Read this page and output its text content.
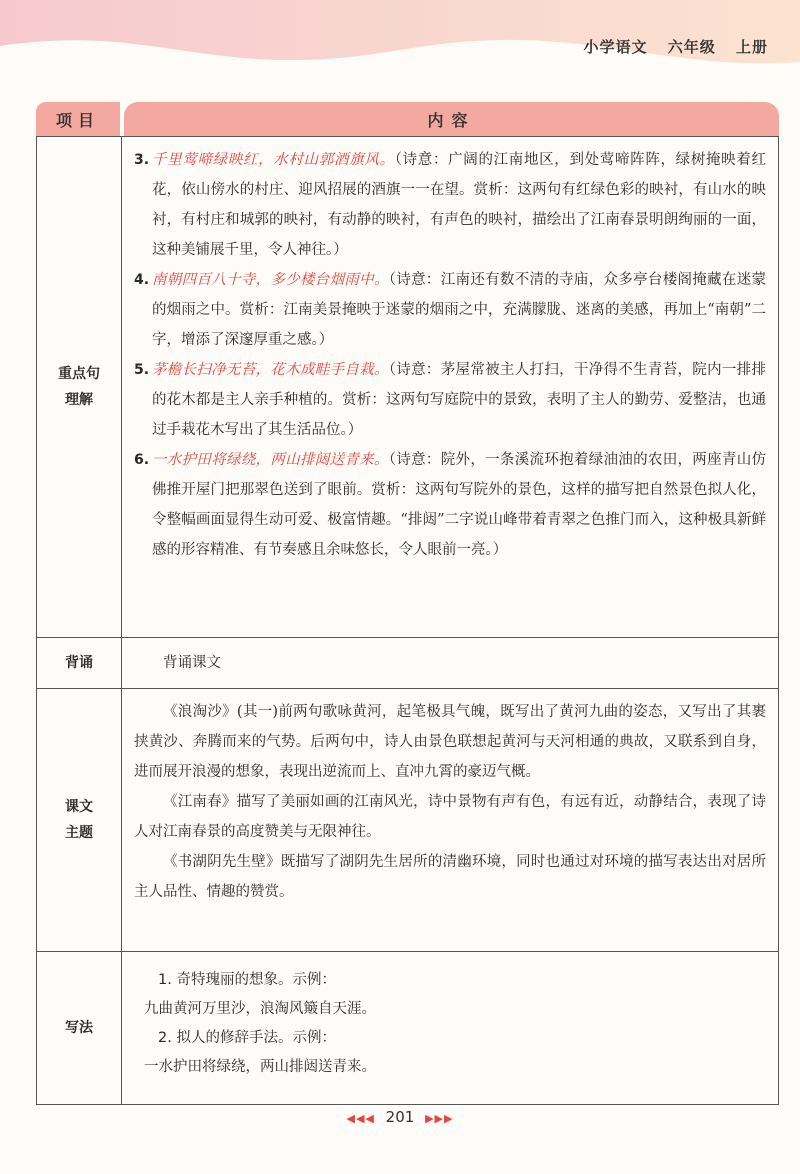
小学语文 六年级 上册
项目	内容
重点句
理解
3. 千里莺啼绿映红，水村山郭酒旗风。（诗意：广阔的江南地区，到处莺啼阵阵，绿树掩映着红花，依山傍水的村庄、迎风招展的酒旗一一在望。赏析：这两句有红绿色彩的映衬，有山水的映衬，有村庄和城郭的映衬，有动静的映衬，有声色的映衬，描绘出了江南春景明朗绚丽的一面，这种美铺展千里，令人神往。）
4. 南朝四百八十寺，多少楼台烟雨中。（诗意：江南还有数不清的寺庙，众多亭台楼阁掩藏在迷蒙的烟雨之中。赏析：江南美景掩映于迷蒙的烟雨之中，充满朦胧、迷离的美感，再加上“南朝”二字，增添了深邃厚重之感。）
5. 茅檐长扫净无苔，花木成畦手自栽。（诗意：茅屋常被主人打扫，干净得不生青苔，院内一排排的花木都是主人亲手种植的。赏析：这两句写庭院中的景致，表明了主人的勤劳、爱整洁，也通过手栽花木写出了其生活品位。）
6. 一水护田将绿绕，两山排闼送青来。（诗意：院外，一条溪流环抱着绿油油的农田，两座青山仿佛推开屋门把那翠色送到了眼前。赏析：这两句写院外的景色，这样的描写把自然景色拟人化，令整幅画面显得生动可爱、极富情趣。“排闼”二字说山峰带着青翠之色推门而入，这种极具新鲜感的形容精准、有节奏感且余味悠长，令人眼前一亮。）
背诵	背诵课文
课文
主题
《浪淘沙》(其一)前两句歌咏黄河，起笔极具气魄，既写出了黄河九曲的姿态，又写出了其裹挟黄沙、奔腾而来的气势。后两句中，诗人由景色联想起黄河与天河相通的典故，又联系到自身，进而展开浪漫的想象，表现出逆流而上、直冲九霄的豪迈气概。
《江南春》描写了美丽如画的江南风光，诗中景物有声有色，有远有近，动静结合，表现了诗人对江南春景的高度赞美与无限神往。
《书湖阴先生壁》既描写了湖阴先生居所的清幽环境，同时也通过对环境的描写表达出对居所主人品性、情趣的赞赏。
写法
1. 奇特瑰丽的想象。示例：
九曲黄河万里沙，浪淘风簸自天涯。
2. 拟人的修辞手法。示例：
一水护田将绿绕，两山排闼送青来。
◀◀◀ 201 ▶▶▶
